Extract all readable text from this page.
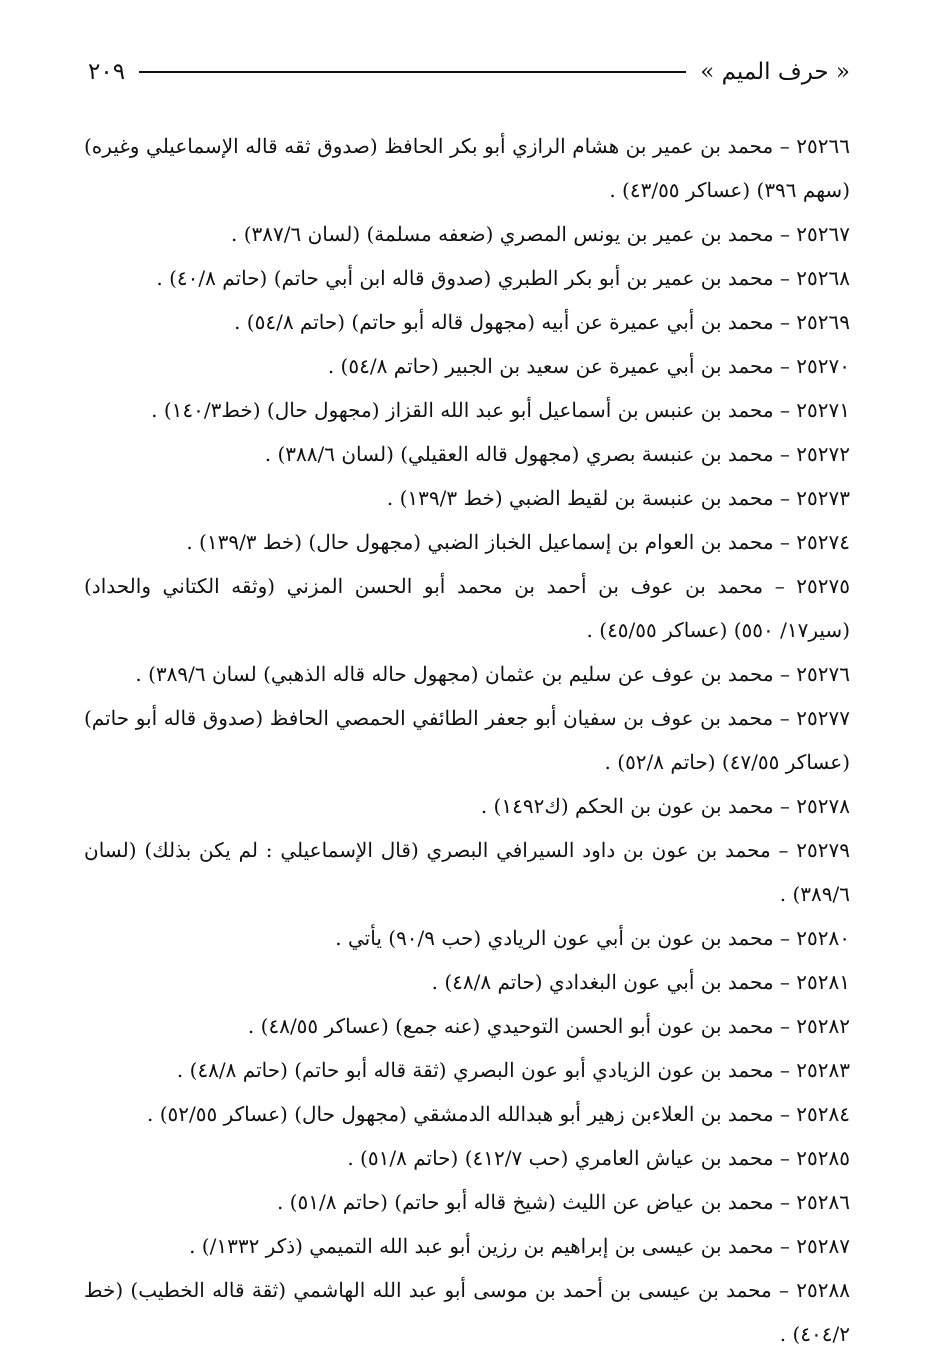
« حرف الميم »
٢٠٩
٢٥٢٦٦ – محمد بن عمير بن هشام الرازي أبو بكر الحافظ (صدوق ثقه قاله الإسماعيلي وغيره) (سهم ٣٩٦) (عساكر ٤٣/٥٥) .
٢٥٢٦٧ – محمد بن عمير بن يونس المصري (ضعفه مسلمة) (لسان ٣٨٧/٦) .
٢٥٢٦٨ – محمد بن عمير بن أبو بكر الطبري (صدوق قاله ابن أبي حاتم) (حاتم ٤٠/٨) .
٢٥٢٦٩ – محمد بن أبي عميرة عن أبيه (مجهول قاله أبو حاتم) (حاتم ٥٤/٨) .
٢٥٢٧٠ – محمد بن أبي عميرة عن سعيد بن الجبير (حاتم ٥٤/٨) .
٢٥٢٧١ – محمد بن عنبس بن أسماعيل أبو عبد الله القزاز (مجهول حال) (خط١٤٠/٣) .
٢٥٢٧٢ – محمد بن عنبسة بصري (مجهول قاله العقيلي) (لسان ٣٨٨/٦) .
٢٥٢٧٣ – محمد بن عنبسة بن لقيط الضبي (خط ١٣٩/٣) .
٢٥٢٧٤ – محمد بن العوام بن إسماعيل الخباز الضبي (مجهول حال) (خط ١٣٩/٣) .
٢٥٢٧٥ – محمد بن عوف بن أحمد بن محمد أبو الحسن المزني (وثقه الكتاني والحداد) (سير١٧/ ٥٥٠) (عساكر ٤٥/٥٥) .
٢٥٢٧٦ – محمد بن عوف عن سليم بن عثمان (مجهول حاله قاله الذهبي) لسان ٣٨٩/٦) .
٢٥٢٧٧ – محمد بن عوف بن سفيان أبو جعفر الطائفي الحمصي الحافظ (صدوق قاله أبو حاتم) (عساكر ٤٧/٥٥) (حاتم ٥٢/٨) .
٢٥٢٧٨ – محمد بن عون بن الحكم (ك١٤٩٢) .
٢٥٢٧٩ – محمد بن عون بن داود السيرافي البصري (قال الإسماعيلي : لم يكن بذلك) (لسان ٣٨٩/٦) .
٢٥٢٨٠ – محمد بن عون بن أبي عون الريادي (حب ٩٠/٩) يأتي .
٢٥٢٨١ – محمد بن أبي عون البغدادي (حاتم ٤٨/٨) .
٢٥٢٨٢ – محمد بن عون أبو الحسن التوحيدي (عنه جمع) (عساكر ٤٨/٥٥) .
٢٥٢٨٣ – محمد بن عون الزيادي أبو عون البصري (ثقة قاله أبو حاتم) (حاتم ٤٨/٨) .
٢٥٢٨٤ – محمد بن العلاءبن زهير أبو هبدالله الدمشقي (مجهول حال) (عساكر ٥٢/٥٥) .
٢٥٢٨٥ – محمد بن عياش العامري (حب ٤١٢/٧) (حاتم ٥١/٨) .
٢٥٢٨٦ – محمد بن عياض عن الليث (شيخ قاله أبو حاتم) (حاتم ٥١/٨) .
٢٥٢٨٧ – محمد بن عيسى بن إبراهيم بن رزين أبو عبد الله التميمي (ذكر ١٣٣٢/) .
٢٥٢٨٨ – محمد بن عيسى بن أحمد بن موسى أبو عبد الله الهاشمي (ثقة قاله الخطيب) (خط ٤٠٤/٢) .
